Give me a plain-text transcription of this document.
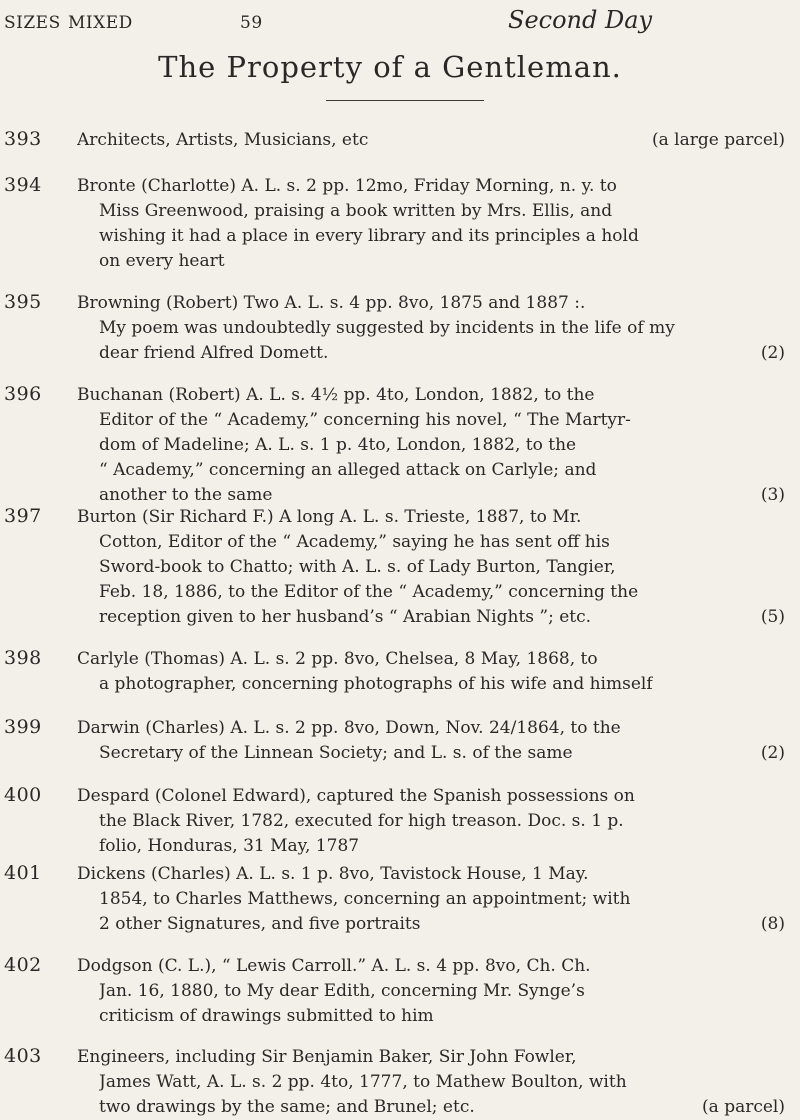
SIZES MIXED	59	Second Day
The Property of a Gentleman.
393 Architects, Artists, Musicians, etc	(a large parcel)
394 Bronte (Charlotte) A. L. s. 2 pp. 12mo, Friday Morning, n. y. to
Miss Greenwood, praising a book written by Mrs. Ellis, and
wishing it had a place in every library and its principles a hold
on every heart
395 Browning (Robert) Two A. L. s. 4 pp. 8vo, 1875 and 1887 :.
My poem was undoubtedly suggested by incidents in the life of my
dear friend Alfred Domett.	(2)
396 Buchanan (Robert) A. L. s. 4½ pp. 4to, London, 1882, to the
Editor of the “ Academy,” concerning his novel, “ The Martyr-
dom of Madeline; A. L. s. 1 p. 4to, London, 1882, to the
“ Academy,” concerning an alleged attack on Carlyle; and
another to the same	(3)
397 Burton (Sir Richard F.) A long A. L. s. Trieste, 1887, to Mr.
Cotton, Editor of the “ Academy,” saying he has sent off his
Sword-book to Chatto; with A. L. s. of Lady Burton, Tangier,
Feb. 18, 1886, to the Editor of the “ Academy,” concerning the
reception given to her husband’s “ Arabian Nights ”; etc.	(5)
398 Carlyle (Thomas) A. L. s. 2 pp. 8vo, Chelsea, 8 May, 1868, to
a photographer, concerning photographs of his wife and himself
399 Darwin (Charles) A. L. s. 2 pp. 8vo, Down, Nov. 24/1864, to the
Secretary of the Linnean Society; and L. s. of the same	(2)
400 Despard (Colonel Edward), captured the Spanish possessions on
the Black River, 1782, executed for high treason. Doc. s. 1 p.
folio, Honduras, 31 May, 1787
401 Dickens (Charles) A. L. s. 1 p. 8vo, Tavistock House, 1 May.
1854, to Charles Matthews, concerning an appointment; with
2 other Signatures, and five portraits	(8)
402 Dodgson (C. L.), “ Lewis Carroll.” A. L. s. 4 pp. 8vo, Ch. Ch.
Jan. 16, 1880, to My dear Edith, concerning Mr. Synge’s
criticism of drawings submitted to him
403 Engineers, including Sir Benjamin Baker, Sir John Fowler,
James Watt, A. L. s. 2 pp. 4to, 1777, to Mathew Boulton, with
two drawings by the same; and Brunel; etc.	(a parcel)
